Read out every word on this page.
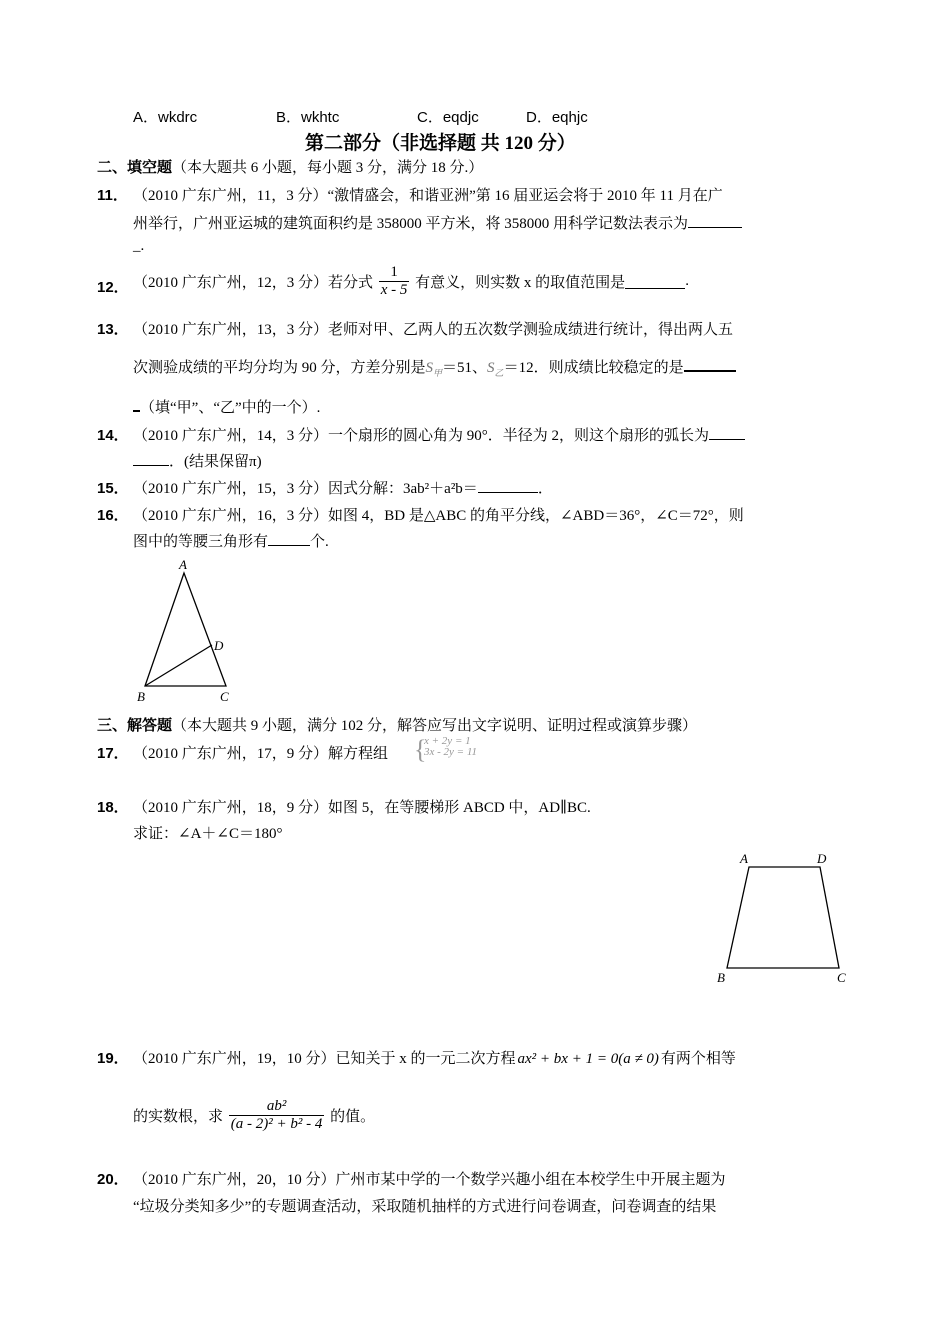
A．wkdrc	B．wkhtc	C．eqdjc	D．eqhjc
第二部分（非选择题 共 120 分）
二、填空题（本大题共 6 小题，每小题 3 分，满分 18 分.）
11． （2010 广东广州，11，3 分）“激情盛会，和谐亚洲”第 16 届亚运会将于 2010 年 11 月在广
州举行，广州亚运城的建筑面积约是 358000 平方米，将 358000 用科学记数法表示为
_.
12． （2010 广东广州，12，3 分）若分式 $\frac{1}{x - 5}$ 有意义，则实数 x 的取值范围是	.
13． （2010 广东广州，13，3 分）老师对甲、乙两人的五次数学测验成绩进行统计，得出两人五
次测验成绩的平均分均为 90 分，方差分别是$S_甲=51$、$S_乙=12$．则成绩比较稳定的是
（填“甲”、“乙”中的一个）.
14． （2010 广东广州，14，3 分）一个扇形的圆心角为 90°．半径为 2，则这个扇形的弧长为
．(结果保留π)
15． （2010 广东广州，15，3 分）因式分解：3ab²＋a²b＝	．
16． （2010 广东广州，16，3 分）如图 4，BD 是△ABC 的角平分线，∠ABD＝36°，∠C＝72°，则
图中的等腰三角形有	个.
A
B	C
D
三、解答题（本大题共 9 小题，满分 102 分，解答应写出文字说明、证明过程或演算步骤）
17． （2010 广东广州，17，9 分）解方程组 {
x + 2y = 1
3x - 2y = 11
18． （2010 广东广州，18，9 分）如图 5，在等腰梯形 ABCD 中，AD∥BC.
求证：∠A＋∠C＝180°
A	D
B	C
19． （2010 广东广州，19，10 分）已知关于 x 的一元二次方程 ax² + bx + 1 = 0(a ≠ 0) 有两个相等
的实数根，求 $\frac{\text{ab²}}{\text{(a - 2)² + b² - 4}}$ 的值。
20． （2010 广东广州，20，10 分）广州市某中学的一个数学兴趣小组在本校学生中开展主题为
“垃圾分类知多少”的专题调查活动，采取随机抽样的方式进行问卷调查，问卷调查的结果
